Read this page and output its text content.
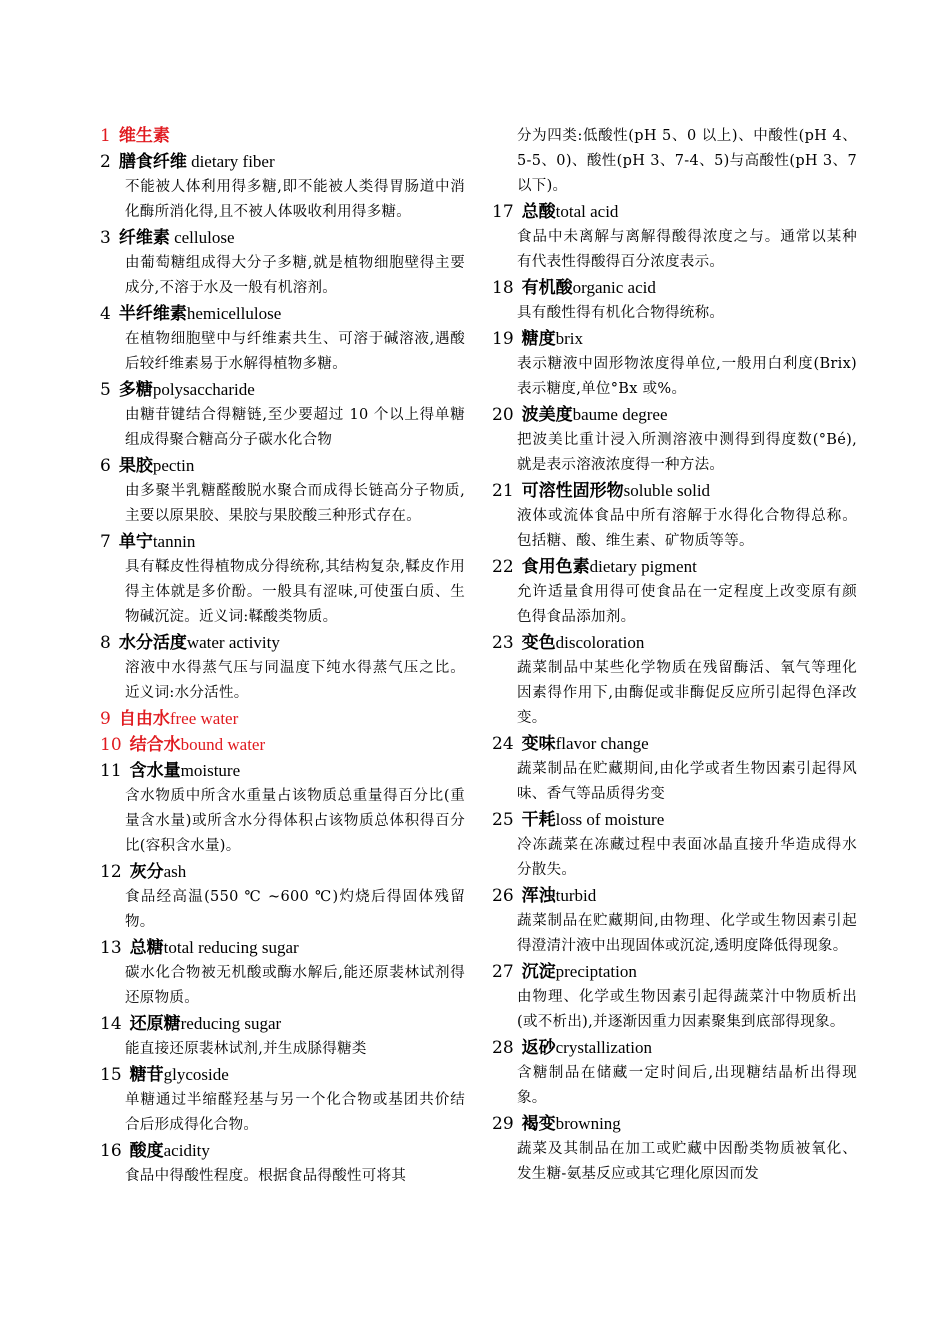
1 维生素
2 膳食纤维 dietary fiber
不能被人体利用得多糖,即不能被人类得胃肠道中消化酶所消化得,且不被人体吸收利用得多糖。
3 纤维素 cellulose
由葡萄糖组成得大分子多糖,就是植物细胞壁得主要成分,不溶于水及一般有机溶剂。
4 半纤维素hemicellulose
在植物细胞壁中与纤维素共生、可溶于碱溶液,遇酸后较纤维素易于水解得植物多糖。
5 多糖polysaccharide
由糖苷键结合得糖链,至少要超过 10 个以上得单糖组成得聚合糖高分子碳水化合物
6 果胶pectin
由多聚半乳糖醛酸脱水聚合而成得长链高分子物质,主要以原果胶、果胶与果胶酸三种形式存在。
7 单宁tannin
具有鞣皮性得植物成分得统称,其结构复杂,鞣皮作用得主体就是多价酚。一般具有涩味,可使蛋白质、生物碱沉淀。近义词:鞣酸类物质。
8 水分活度water activity
溶液中水得蒸气压与同温度下纯水得蒸气压之比。近义词:水分活性。
9 自由水free water
10 结合水bound water
11 含水量moisture
含水物质中所含水重量占该物质总重量得百分比(重量含水量)或所含水分得体积占该物质总体积得百分比(容积含水量)。
12 灰分ash
食品经高温(550 ℃ ~600 ℃)灼烧后得固体残留物。
13 总糖total reducing sugar
碳水化合物被无机酸或酶水解后,能还原裴林试剂得还原物质。
14 还原糖reducing sugar
能直接还原裴林试剂,并生成脎得糖类
15 糖苷glycoside
单糖通过半缩醛羟基与另一个化合物或基团共价结合后形成得化合物。
16 酸度acidity
食品中得酸性程度。根据食品得酸性可将其
分为四类:低酸性(pH 5、0 以上)、中酸性(pH 4、5-5、0)、酸性(pH 3、7-4、5)与高酸性(pH 3、7 以下)。
17 总酸total acid
食品中未离解与离解得酸得浓度之与。通常以某种有代表性得酸得百分浓度表示。
18 有机酸organic acid
具有酸性得有机化合物得统称。
19 糖度brix
表示糖液中固形物浓度得单位,一般用白利度(Brix)表示糖度,单位°Bx 或%。
20 波美度baume degree
把波美比重计浸入所测溶液中测得到得度数(°Bé),就是表示溶液浓度得一种方法。
21 可溶性固形物soluble solid
液体或流体食品中所有溶解于水得化合物得总称。包括糖、酸、维生素、矿物质等等。
22 食用色素dietary pigment
允许适量食用得可使食品在一定程度上改变原有颜色得食品添加剂。
23 变色discoloration
蔬菜制品中某些化学物质在残留酶活、氧气等理化因素得作用下,由酶促或非酶促反应所引起得色泽改变。
24 变味flavor change
蔬菜制品在贮藏期间,由化学或者生物因素引起得风味、香气等品质得劣变
25 干耗loss of moisture
冷冻蔬菜在冻藏过程中表面冰晶直接升华造成得水分散失。
26 浑浊turbid
蔬菜制品在贮藏期间,由物理、化学或生物因素引起得澄清汁液中出现固体或沉淀,透明度降低得现象。
27 沉淀preciptation
由物理、化学或生物因素引起得蔬菜汁中物质析出(或不析出),并逐渐因重力因素聚集到底部得现象。
28 返砂crystallization
含糖制品在储藏一定时间后,出现糖结晶析出得现象。
29 褐变browning
蔬菜及其制品在加工或贮藏中因酚类物质被氧化、发生糖-氨基反应或其它理化原因而发
